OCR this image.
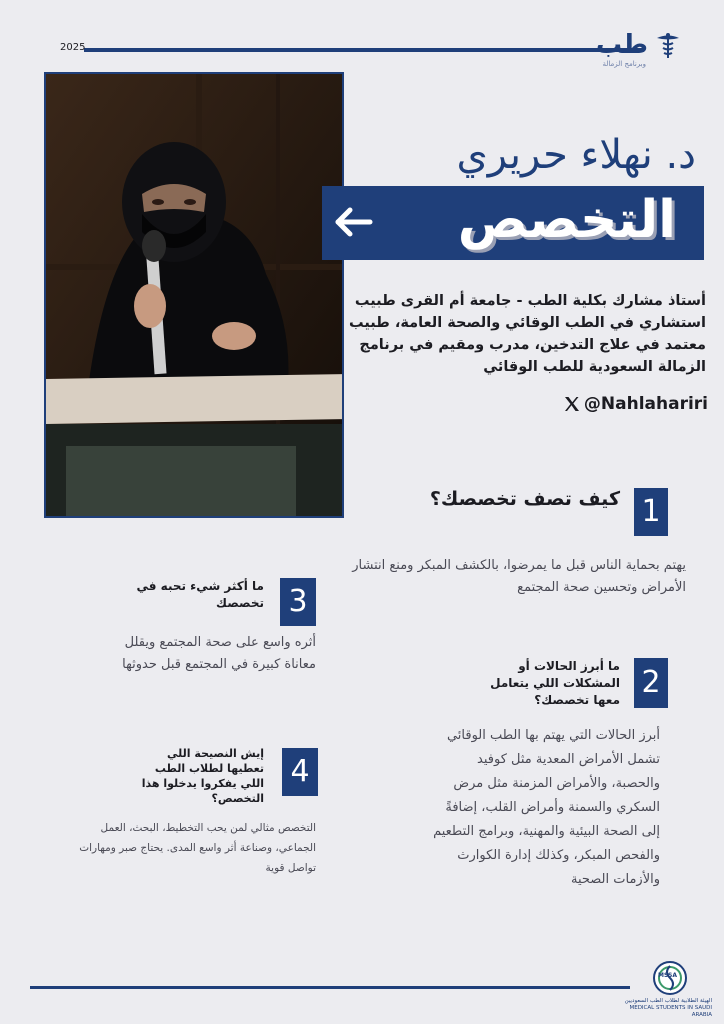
2025	طب
وبرنامج الزمالة
د. نهلاء حريري
التخصص
أستاذ مشارك بكلية الطب - جامعة أم القرى طبيب استشاري في الطب الوقائي والصحة العامة، طبيب معتمد في علاج التدخين، مدرب ومقيم في برنامج الزمالة السعودية للطب الوقائي
@Nahlahariri
1
كيف تصف تخصصك؟
يهتم بحماية الناس قبل ما يمرضوا، بالكشف المبكر ومنع انتشار الأمراض وتحسين صحة المجتمع
2
ما أبرز الحالات أو المشكلات اللي يتعامل معها تخصصك؟
أبرز الحالات التي يهتم بها الطب الوقائي تشمل الأمراض المعدية مثل كوفيد والحصبة، والأمراض المزمنة مثل مرض السكري والسمنة وأمراض القلب، إضافةً إلى الصحة البيئية والمهنية، وبرامج التطعيم والفحص المبكر، وكذلك إدارة الكوارث والأزمات الصحية
3
ما أكثر شيء تحبه في تخصصك
أثره واسع على صحة المجتمع ويقلل معاناة كبيرة في المجتمع قبل حدوثها
4
إيش النصيحة اللي تعطيها لطلاب الطب اللي يفكروا يدخلوا هذا التخصص؟
التخصص مثالي لمن يحب التخطيط، البحث، العمل الجماعي، وصناعة أثر واسع المدى. يحتاج صبر ومهارات تواصل قوية
MSSA
الهيئة الطلابية لطلاب الطب السعوديين
MEDICAL STUDENTS IN SAUDI ARABIA
